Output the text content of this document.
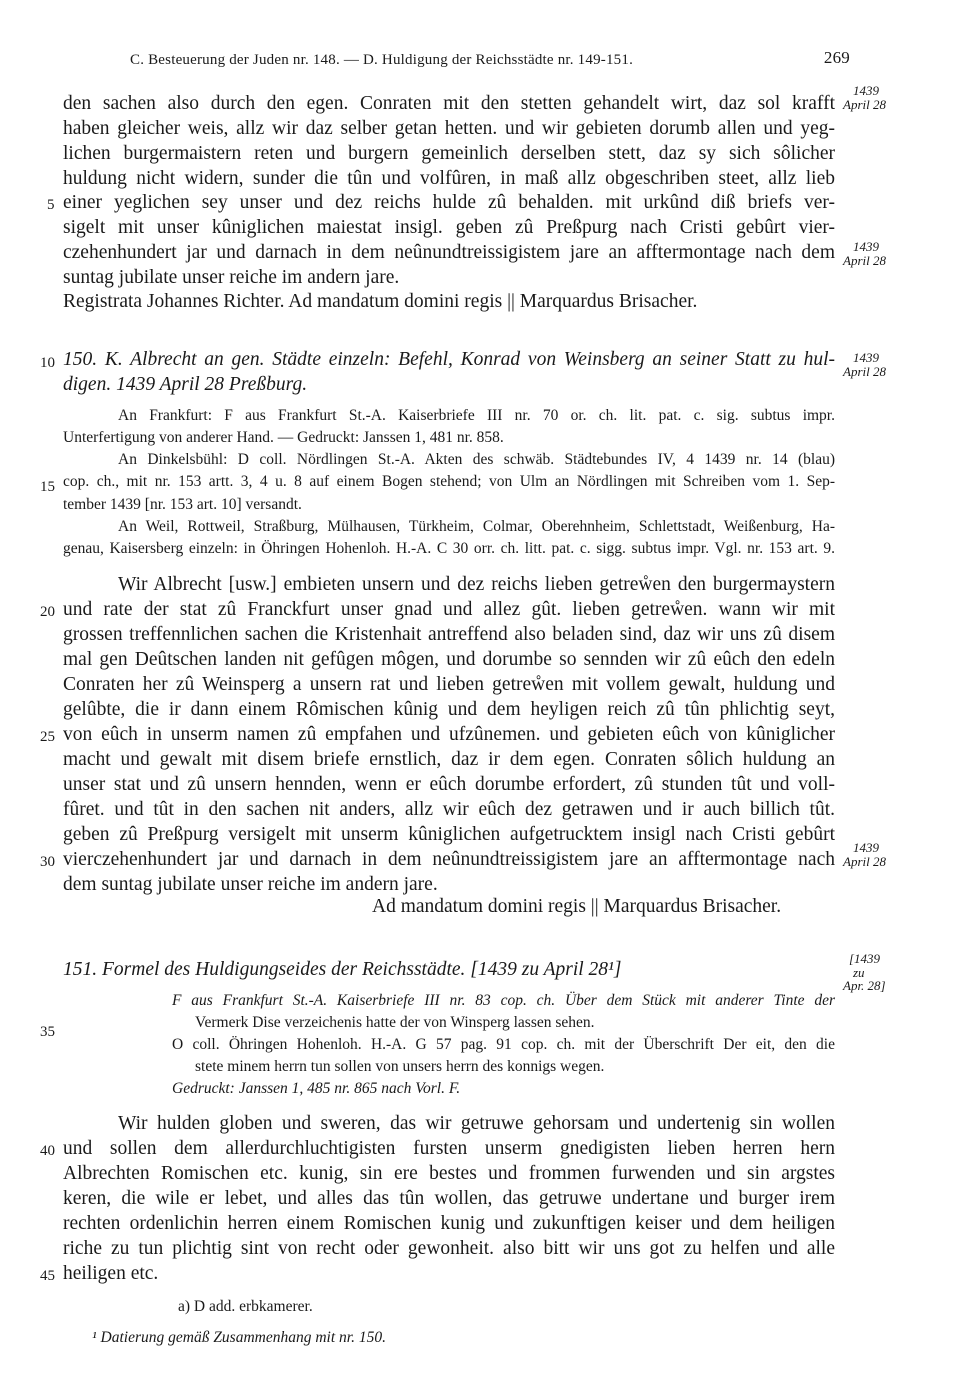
C. Besteuerung der Juden nr. 148. — D. Huldigung der Reichsstädte nr. 149-151.	269
den sachen also durch den egen. Conraten mit den stetten gehandelt wirt, daz sol krafft
haben gleicher weis, allz wir daz selber getan hetten. und wir gebieten dorumb allen und yeg-
lichen burgermaistern reten und burgern gemeinlich derselben stett, daz sy sich sôlicher
huldung nicht widern, sunder die tûn und volfûren, in maß allz obgeschriben steet, allz lieb
einer yeglichen sey unser und dez reichs hulde zû behalden. mit urkûnd diß briefs ver-
sigelt mit unser kûniglichen maiestat insigl. geben zû Preßpurg nach Cristi gebûrt vier-
czehenhundert jar und darnach in dem neûnundtreissigistem jare an afftermontage nach dem
suntag jubilate unser reiche im andern jare.
Registrata Johannes Richter. Ad mandatum domini regis || Marquardus Brisacher.
150. K. Albrecht an gen. Städte einzeln: Befehl, Konrad von Weinsberg an seiner Statt zu hul-
digen. 1439 April 28 Preßburg.
An Frankfurt: F aus Frankfurt St.-A. Kaiserbriefe III nr. 70 or. ch. lit. pat. c. sig. subtus impr.
Unterfertigung von anderer Hand. — Gedruckt: Janssen 1, 481 nr. 858.
An Dinkelsbühl: D coll. Nördlingen St.-A. Akten des schwäb. Städtebundes IV, 4 1439 nr. 14 (blau)
cop. ch., mit nr. 153 artt. 3, 4 u. 8 auf einem Bogen stehend; von Ulm an Nördlingen mit Schreiben vom 1. Sep-
tember 1439 [nr. 153 art. 10] versandt.
An Weil, Rottweil, Straßburg, Mülhausen, Türkheim, Colmar, Oberehnheim, Schlettstadt, Weißenburg, Ha-
genau, Kaisersberg einzeln: in Öhringen Hohenloh. H.-A. C 30 orr. ch. litt. pat. c. sigg. subtus impr. Vgl. nr. 153 art. 9.
Wir Albrecht [usw.] embieten unsern und dez reichs lieben getreẘen den burgermaystern
und rate der stat zû Franckfurt unser gnad und allez gût. lieben getreẘen. wann wir mit
grossen treffennlichen sachen die Kristenhait antreffend also beladen sind, daz wir uns zû disem
mal gen Deûtschen landen nit gefûgen môgen, und dorumbe so sennden wir zû eûch den edeln
Conraten her zû Weinsperg a unsern rat und lieben getreẘen mit vollem gewalt, huldung und
gelûbte, die ir dann einem Rômischen kûnig und dem heyligen reich zû tûn phlichtig seyt,
von eûch in unserm namen zû empfahen und ufzûnemen. und gebieten eûch von kûniglicher
macht und gewalt mit disem briefe ernstlich, daz ir dem egen. Conraten sôlich huldung an
unser stat und zû unsern hennden, wenn er eûch dorumbe erfordert, zû stunden tût und voll-
fûret. und tût in den sachen nit anders, allz wir eûch dez getrawen und ir auch billich tût.
geben zû Preßpurg versigelt mit unserm kûniglichen aufgetrucktem insigl nach Cristi gebûrt
vierczehenhundert jar und darnach in dem neûnundtreissigistem jare an afftermontage nach
dem suntag jubilate unser reiche im andern jare.
Ad mandatum domini regis || Marquardus Brisacher.
151. Formel des Huldigungseides der Reichsstädte. [1439 zu April 28¹]
F aus Frankfurt St.-A. Kaiserbriefe III nr. 83 cop. ch. Über dem Stück mit anderer Tinte der
Vermerk Dise verzeichenis hatte der von Winsperg lassen sehen.
O coll. Öhringen Hohenloh. H.-A. G 57 pag. 91 cop. ch. mit der Überschrift Der eit, den die
stete minem herrn tun sollen von unsers herrn des konnigs wegen.
Gedruckt: Janssen 1, 485 nr. 865 nach Vorl. F.
Wir hulden globen und sweren, das wir getruwe gehorsam und undertenig sin wollen
und sollen dem allerdurchluchtigisten fursten unserm gnedigisten lieben herren hern
Albrechten Romischen etc. kunig, sin ere bestes und frommen furwenden und sin argstes
keren, die wile er lebet, und alles das tûn wollen, das getruwe undertane und burger irem
rechten ordenlichin herren einem Romischen kunig und zukunftigen keiser und dem heiligen
riche zu tun plichtig sint von recht oder gewonheit. also bitt wir uns got zu helfen und alle
heiligen etc.
a) D add. erbkamerer.
¹ Datierung gemäß Zusammenhang mit nr. 150.
5
10
15
20
25
30
35
40
45
1439
April 28
1439
April 28
1439
April 28
1439
April 28
[1439
zu
Apr. 28]
